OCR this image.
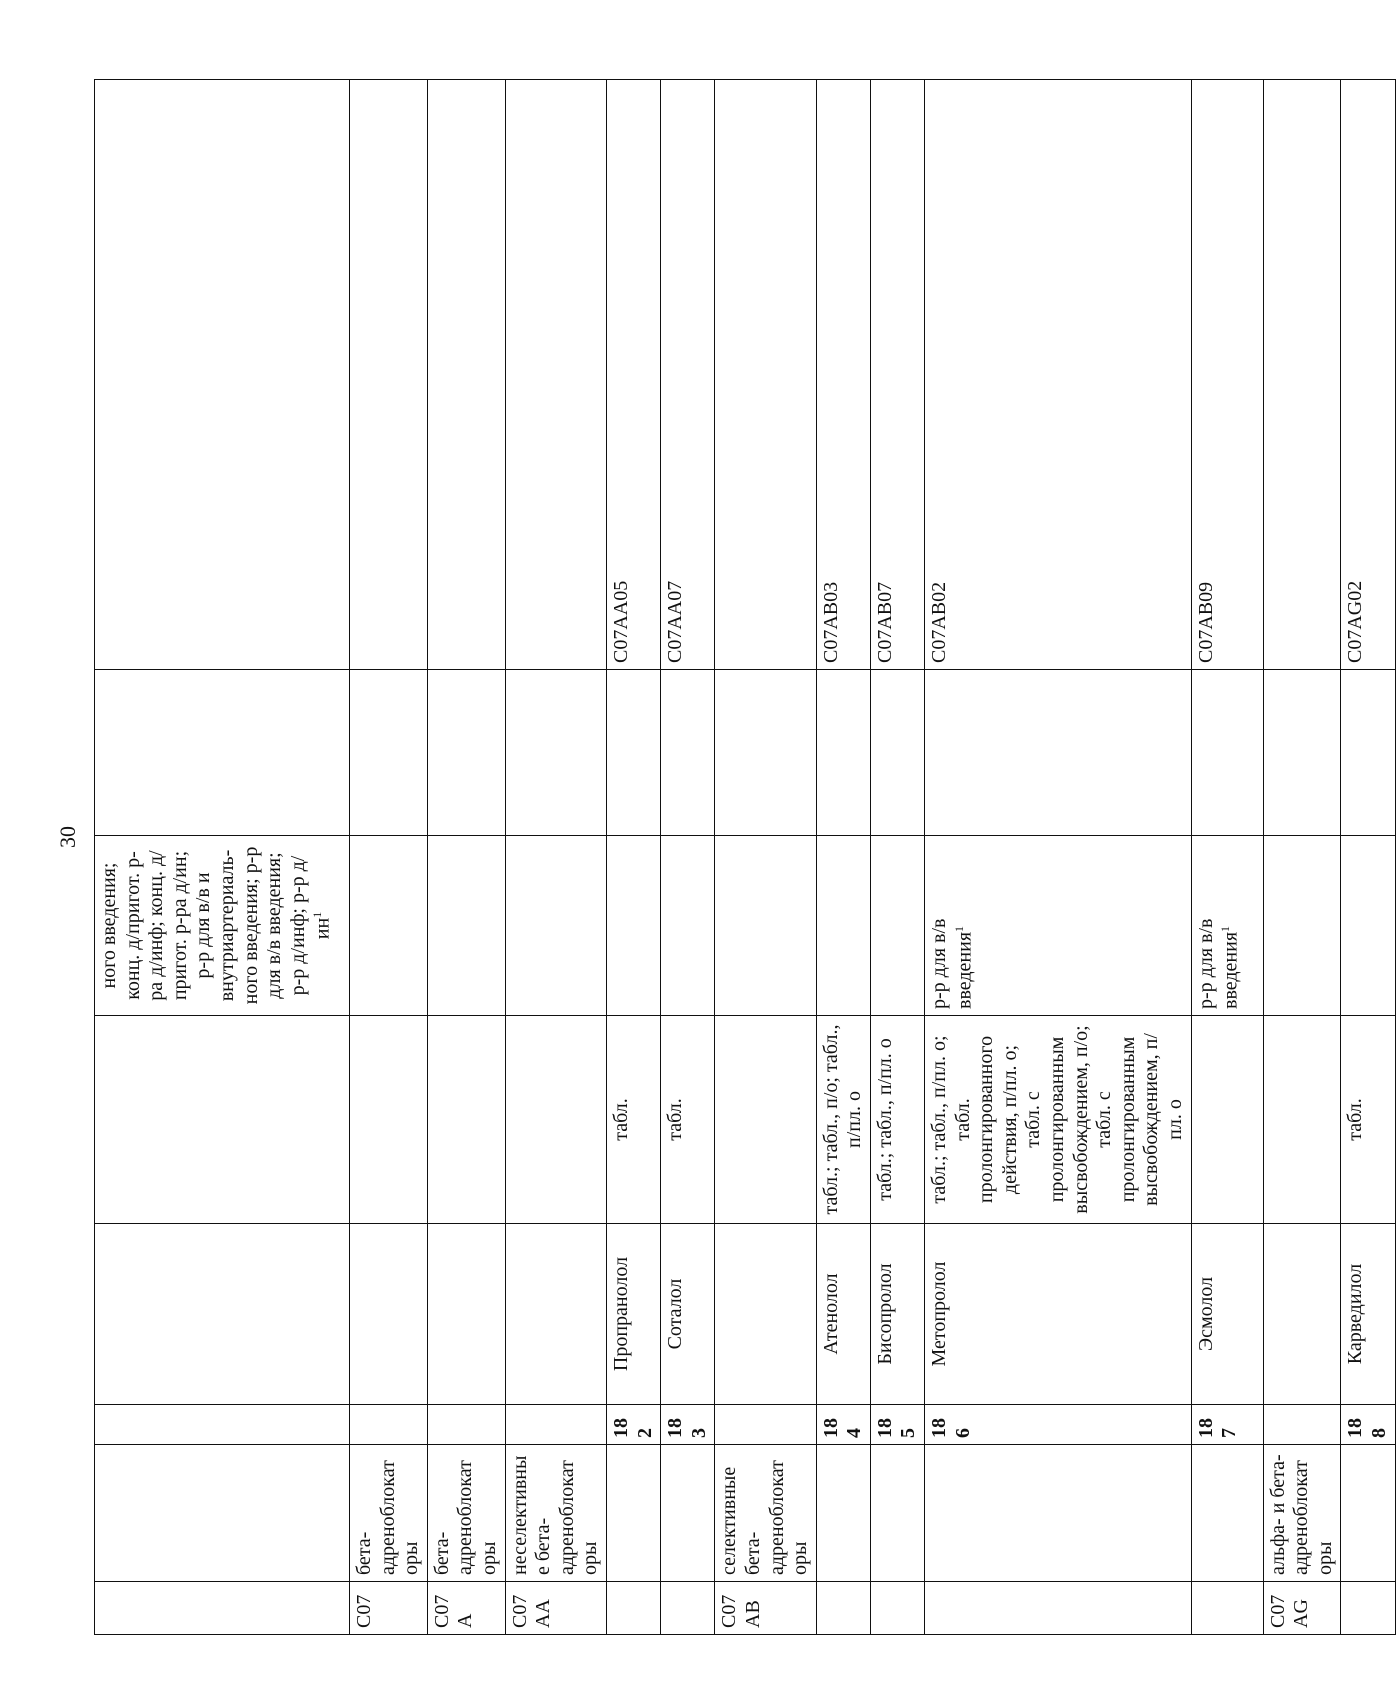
30
					ного введения; конц. д/пригот. р-ра д/инф; конц. д/пригот. р-ра д/ин; р-р для в/в и внутриартериаль-ного введения; р-р для в/в введения; р-р д/инф; р-р $д/ин^1$		
C07	бета-адреноблокаторы						
C07A	бета-адреноблокаторы						
C07AA	неселективные бета-адреноблокаторы						
		182	Пропранолол	табл.			C07AA05
		183	Соталол	табл.			C07AA07
C07AB	селективные бета-адреноблокаторы						
		184	Атенолол	табл.; табл., п/о; табл., п/пл. о			C07AB03
		185	Бисопролол	табл.; табл., п/пл. о			C07AB07
		186	Метопролол	табл.; табл., п/пл. о; табл. пролонгированного действия, п/пл. о; табл. с пролонгированным высвобождением, п/о; табл. с пролонгированным высвобождением, п/пл. о	р-р для в/в введения$^1$		C07AB02
		187	Эсмолол		р-р для в/в введения$^1$		C07AB09
C07AG	альфа- и бета-адреноблокаторы						
		188	Карведилол	табл.			C07AG02
